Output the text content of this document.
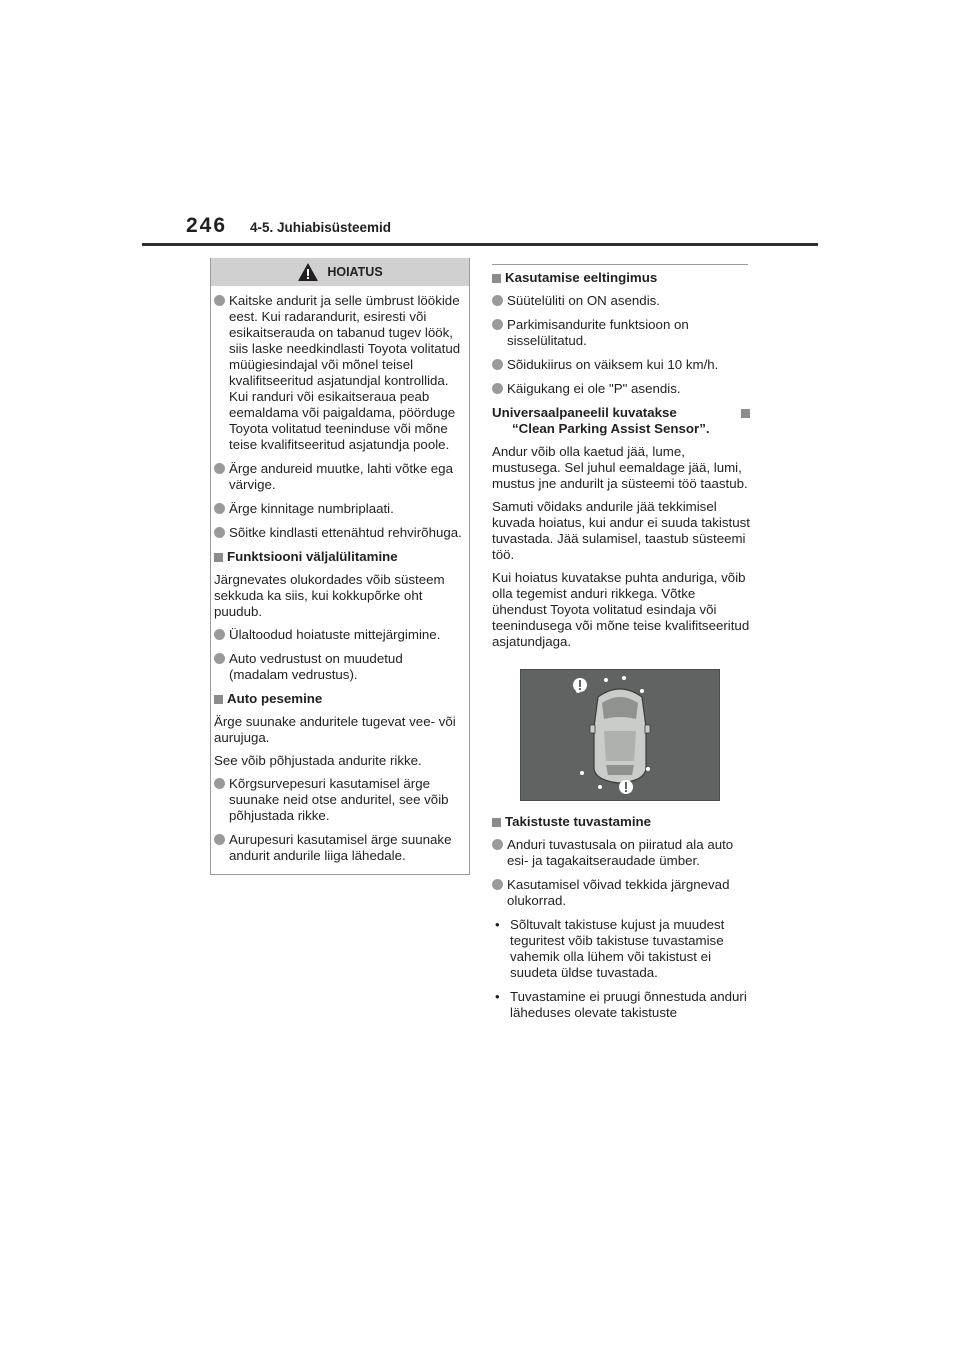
246 4-5. Juhiabisüsteemid
HOIATUS
Kaitske andurit ja selle ümbrust löökide eest. Kui radarandurit, esiresti või esikaitserauda on tabanud tugev löök, siis laske needkindlasti Toyota volitatud müügiesindajal või mõnel teisel kvalifitseeritud asjatundjal kontrollida. Kui randuri või esikaitseraua peab eemaldama või paigaldama, pöörduge Toyota volitatud teeninduse või mõne teise kvalifitseeritud asjatundja poole.
Ärge andureid muutke, lahti võtke ega värvige.
Ärge kinnitage numbriplaati.
Sõitke kindlasti ettenähtud rehvirõhuga.
Funktsiooni väljalülitamine
Järgnevates olukordades võib süsteem sekkuda ka siis, kui kokkupõrke oht puudub.
Ülaltoodud hoiatuste mittejärgimine.
Auto vedrustust on muudetud (madalam vedrustus).
Auto pesemine
Ärge suunake anduritele tugevat vee- või aurujuga.
See võib põhjustada andurite rikke.
Kõrgsurvepesuri kasutamisel ärge suunake neid otse anduritel, see võib põhjustada rikke.
Aurupesuri kasutamisel ärge suunake andurit andurile liiga lähedale.
Kasutamise eeltingimus
Süütelüliti on ON asendis.
Parkimisandurite funktsioon on sisselülitatud.
Sõidukiirus on väiksem kui 10 km/h.
Käigukang ei ole "P" asendis.
Universaalpaneelil kuvatakse
“Clean Parking Assist Sensor”.
Andur võib olla kaetud jää, lume, mustusega. Sel juhul eemaldage jää, lumi, mustus jne andurilt ja süsteemi töö taastub.
Samuti võidaks andurile jää tekkimisel kuvada hoiatus, kui andur ei suuda takistust tuvastada. Jää sulamisel, taastub süsteemi töö.
Kui hoiatus kuvatakse puhta anduriga, võib olla tegemist anduri rikkega. Võtke ühendust Toyota volitatud esindaja või teenindusega või mõne teise kvalifitseeritud asjatundjaga.
Takistuste tuvastamine
Anduri tuvastusala on piiratud ala auto esi- ja tagakaitseraudade ümber.
Kasutamisel võivad tekkida järgnevad olukorrad.
• Sõltuvalt takistuse kujust ja muudest teguritest võib takistuse tuvastamise vahemik olla lühem või takistust ei suudeta üldse tuvastada.
• Tuvastamine ei pruugi õnnestuda anduri läheduses olevate takistuste
